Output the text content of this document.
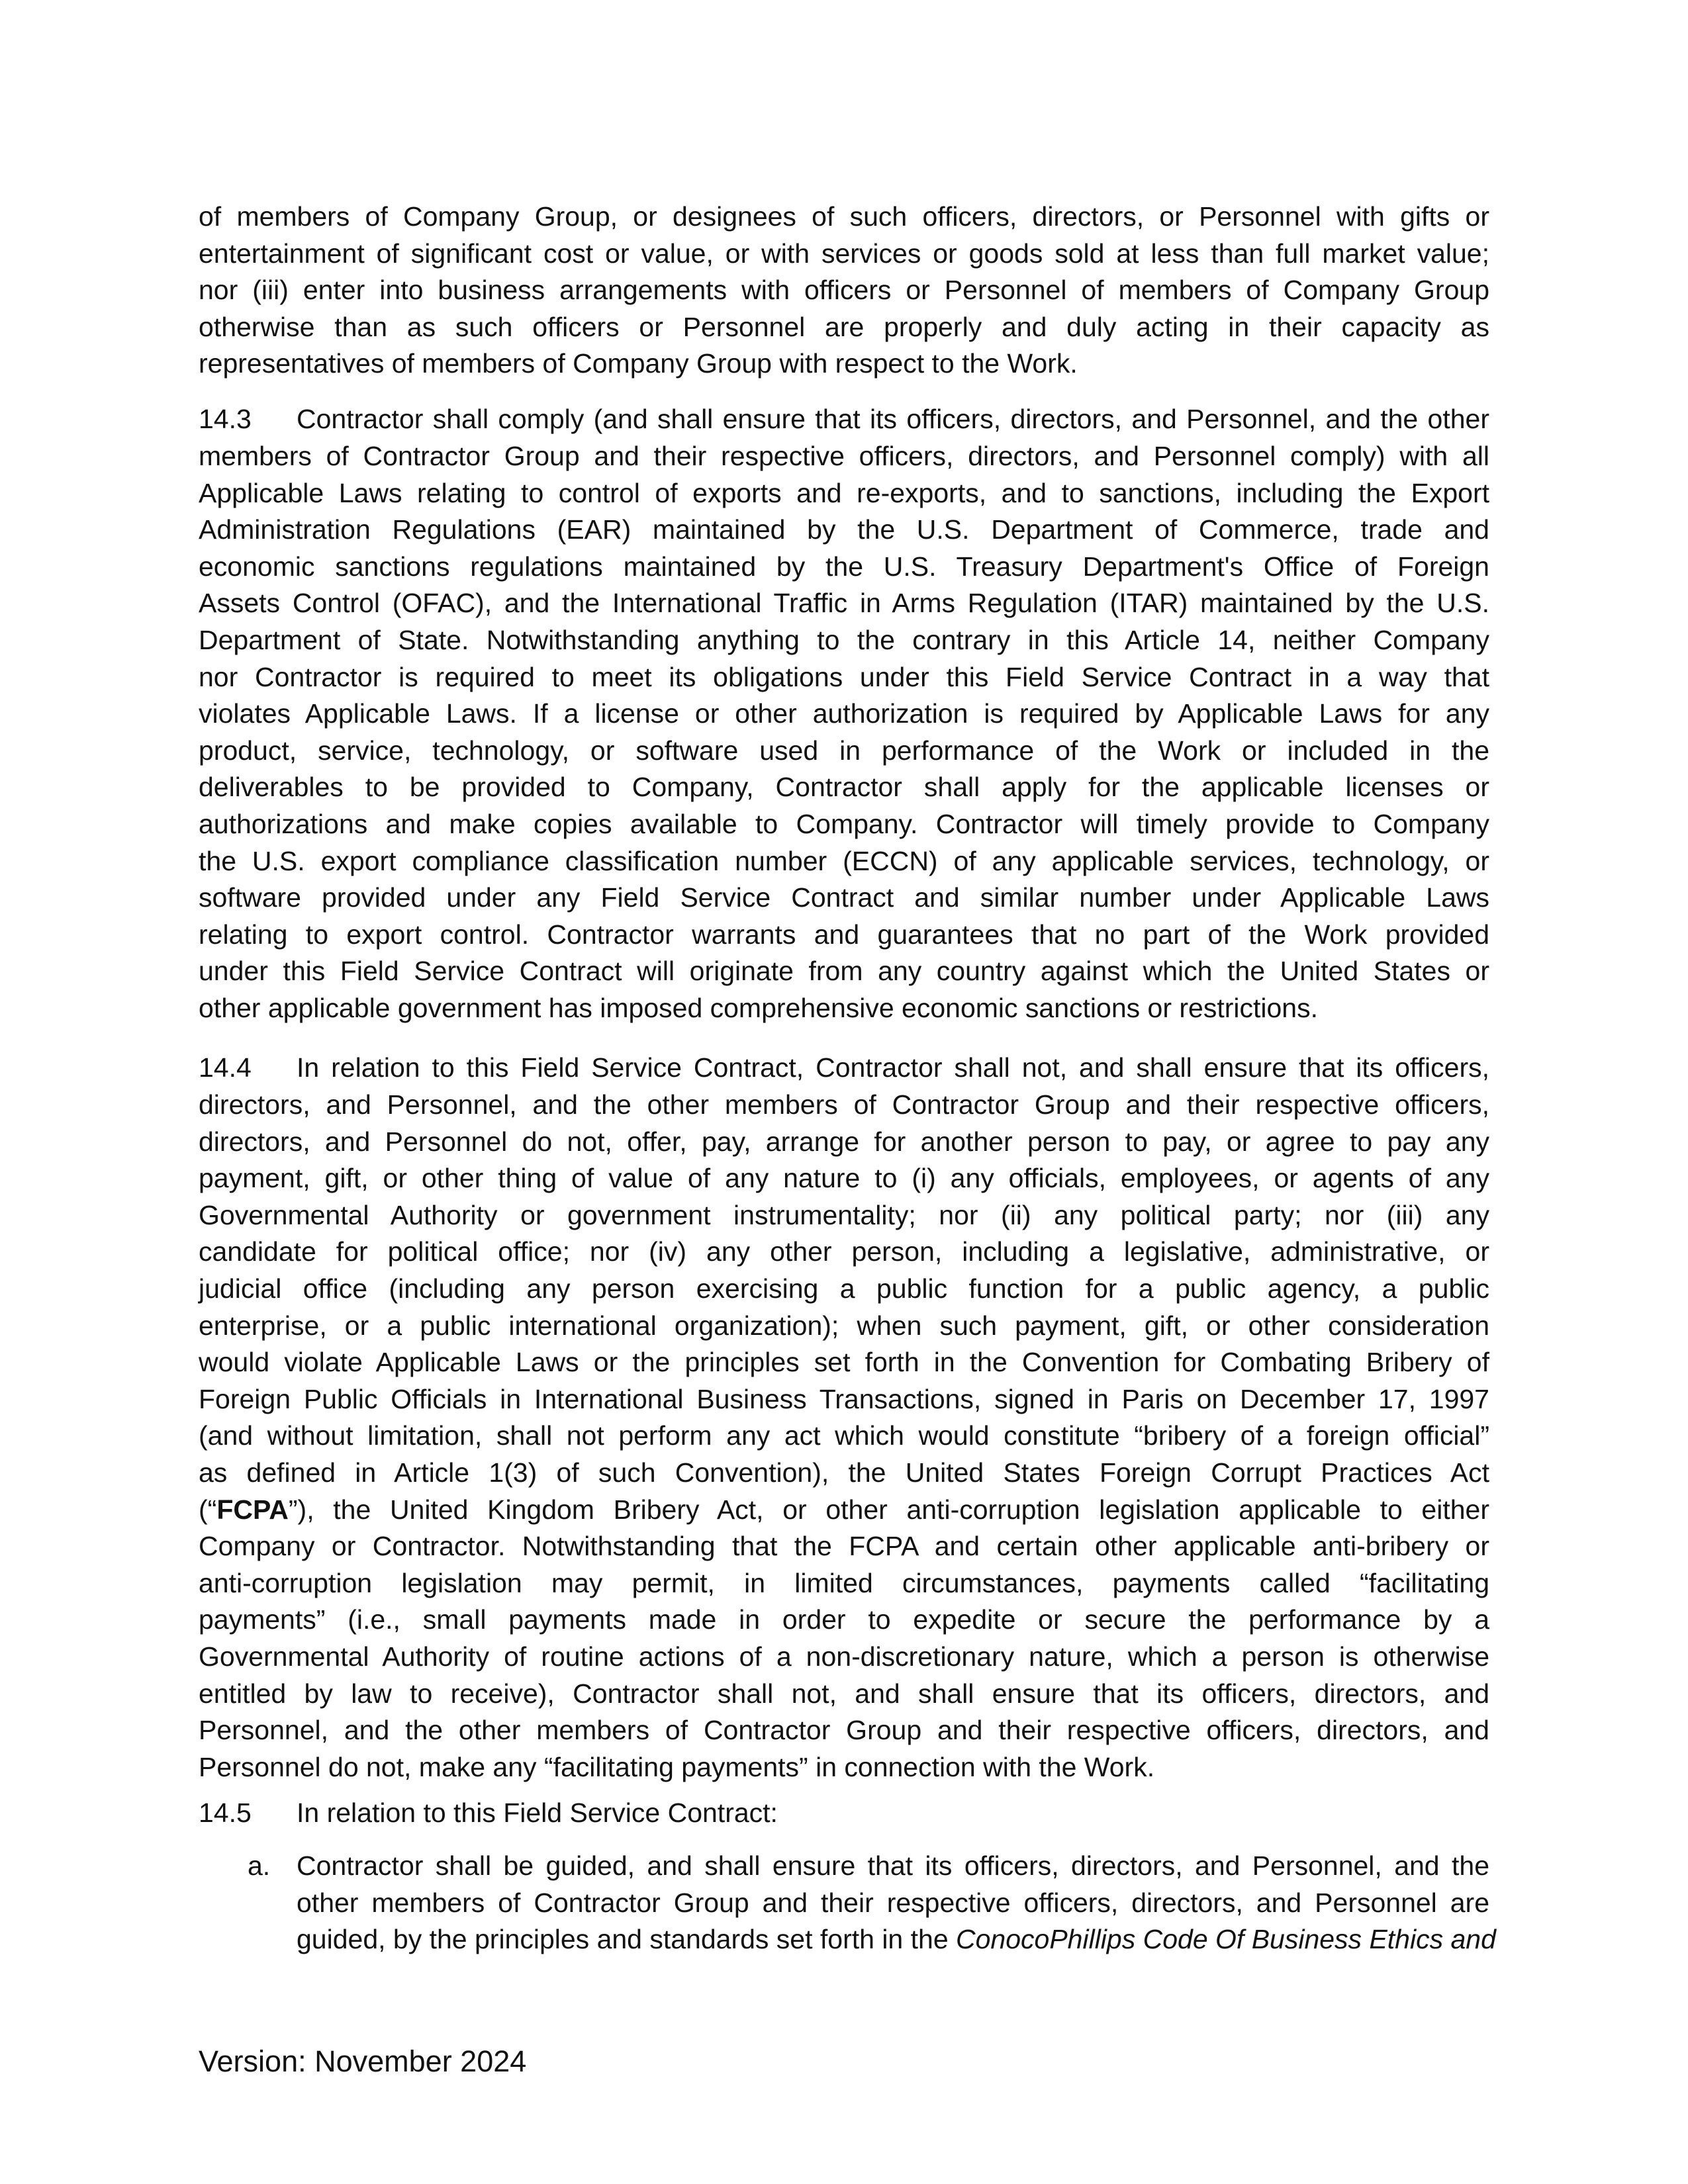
of members of Company Group, or designees of such officers, directors, or Personnel with gifts or
entertainment of significant cost or value, or with services or goods sold at less than full market value;
nor (iii) enter into business arrangements with officers or Personnel of members of Company Group
otherwise than as such officers or Personnel are properly and duly acting in their capacity as
representatives of members of Company Group with respect to the Work.
14.3 Contractor shall comply (and shall ensure that its officers, directors, and Personnel, and the other
members of Contractor Group and their respective officers, directors, and Personnel comply) with all
Applicable Laws relating to control of exports and re-exports, and to sanctions, including the Export
Administration Regulations (EAR) maintained by the U.S. Department of Commerce, trade and
economic sanctions regulations maintained by the U.S. Treasury Department's Office of Foreign
Assets Control (OFAC), and the International Traffic in Arms Regulation (ITAR) maintained by the U.S.
Department of State. Notwithstanding anything to the contrary in this Article 14, neither Company
nor Contractor is required to meet its obligations under this Field Service Contract in a way that
violates Applicable Laws. If a license or other authorization is required by Applicable Laws for any
product, service, technology, or software used in performance of the Work or included in the
deliverables to be provided to Company, Contractor shall apply for the applicable licenses or
authorizations and make copies available to Company. Contractor will timely provide to Company
the U.S. export compliance classification number (ECCN) of any applicable services, technology, or
software provided under any Field Service Contract and similar number under Applicable Laws
relating to export control. Contractor warrants and guarantees that no part of the Work provided
under this Field Service Contract will originate from any country against which the United States or
other applicable government has imposed comprehensive economic sanctions or restrictions.
14.4 In relation to this Field Service Contract, Contractor shall not, and shall ensure that its officers,
directors, and Personnel, and the other members of Contractor Group and their respective officers,
directors, and Personnel do not, offer, pay, arrange for another person to pay, or agree to pay any
payment, gift, or other thing of value of any nature to (i) any officials, employees, or agents of any
Governmental Authority or government instrumentality; nor (ii) any political party; nor (iii) any
candidate for political office; nor (iv) any other person, including a legislative, administrative, or
judicial office (including any person exercising a public function for a public agency, a public
enterprise, or a public international organization); when such payment, gift, or other consideration
would violate Applicable Laws or the principles set forth in the Convention for Combating Bribery of
Foreign Public Officials in International Business Transactions, signed in Paris on December 17, 1997
(and without limitation, shall not perform any act which would constitute “bribery of a foreign official”
as defined in Article 1(3) of such Convention), the United States Foreign Corrupt Practices Act
(“FCPA”), the United Kingdom Bribery Act, or other anti-corruption legislation applicable to either
Company or Contractor. Notwithstanding that the FCPA and certain other applicable anti-bribery or
anti-corruption legislation may permit, in limited circumstances, payments called “facilitating
payments” (i.e., small payments made in order to expedite or secure the performance by a
Governmental Authority of routine actions of a non-discretionary nature, which a person is otherwise
entitled by law to receive), Contractor shall not, and shall ensure that its officers, directors, and
Personnel, and the other members of Contractor Group and their respective officers, directors, and
Personnel do not, make any “facilitating payments” in connection with the Work.
14.5 In relation to this Field Service Contract:
a. Contractor shall be guided, and shall ensure that its officers, directors, and Personnel, and the
other members of Contractor Group and their respective officers, directors, and Personnel are
guided, by the principles and standards set forth in the ConocoPhillips Code Of Business Ethics and
Version: November 2024
